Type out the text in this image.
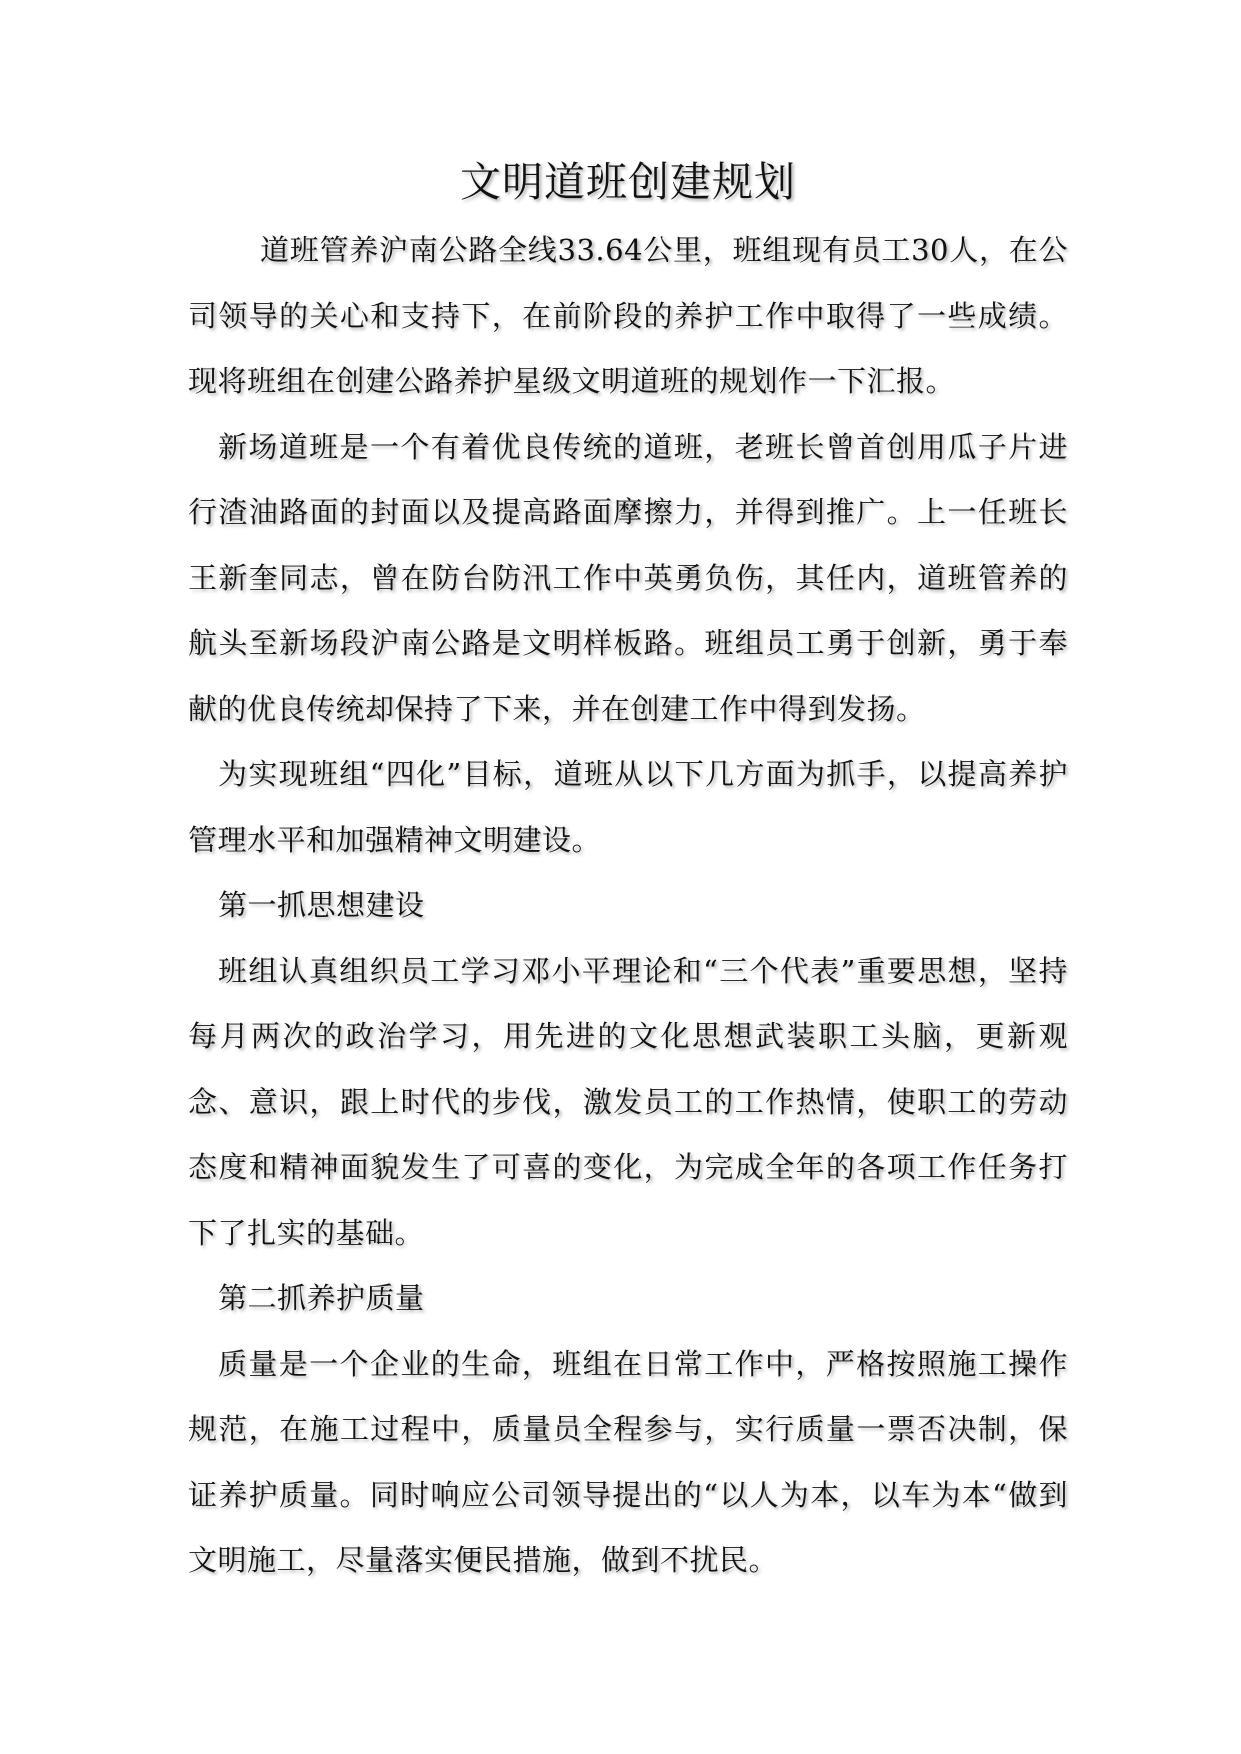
文明道班创建规划

道班管养沪南公路全线33.64公里，班组现有员工30人，在公司领导的关心和支持下，在前阶段的养护工作中取得了一些成绩。现将班组在创建公路养护星级文明道班的规划作一下汇报。

新场道班是一个有着优良传统的道班，老班长曾首创用瓜子片进行渣油路面的封面以及提高路面摩擦力，并得到推广。上一任班长王新奎同志，曾在防台防汛工作中英勇负伤，其任内，道班管养的航头至新场段沪南公路是文明样板路。班组员工勇于创新，勇于奉献的优良传统却保持了下来，并在创建工作中得到发扬。

为实现班组“四化”目标，道班从以下几方面为抓手，以提高养护管理水平和加强精神文明建设。

第一抓思想建设

班组认真组织员工学习邓小平理论和“三个代表”重要思想，坚持每月两次的政治学习，用先进的文化思想武装职工头脑，更新观念、意识，跟上时代的步伐，激发员工的工作热情，使职工的劳动态度和精神面貌发生了可喜的变化，为完成全年的各项工作任务打下了扎实的基础。

第二抓养护质量

质量是一个企业的生命，班组在日常工作中，严格按照施工操作规范，在施工过程中，质量员全程参与，实行质量一票否决制，保证养护质量。同时响应公司领导提出的“以人为本，以车为本“做到文明施工，尽量落实便民措施，做到不扰民。
